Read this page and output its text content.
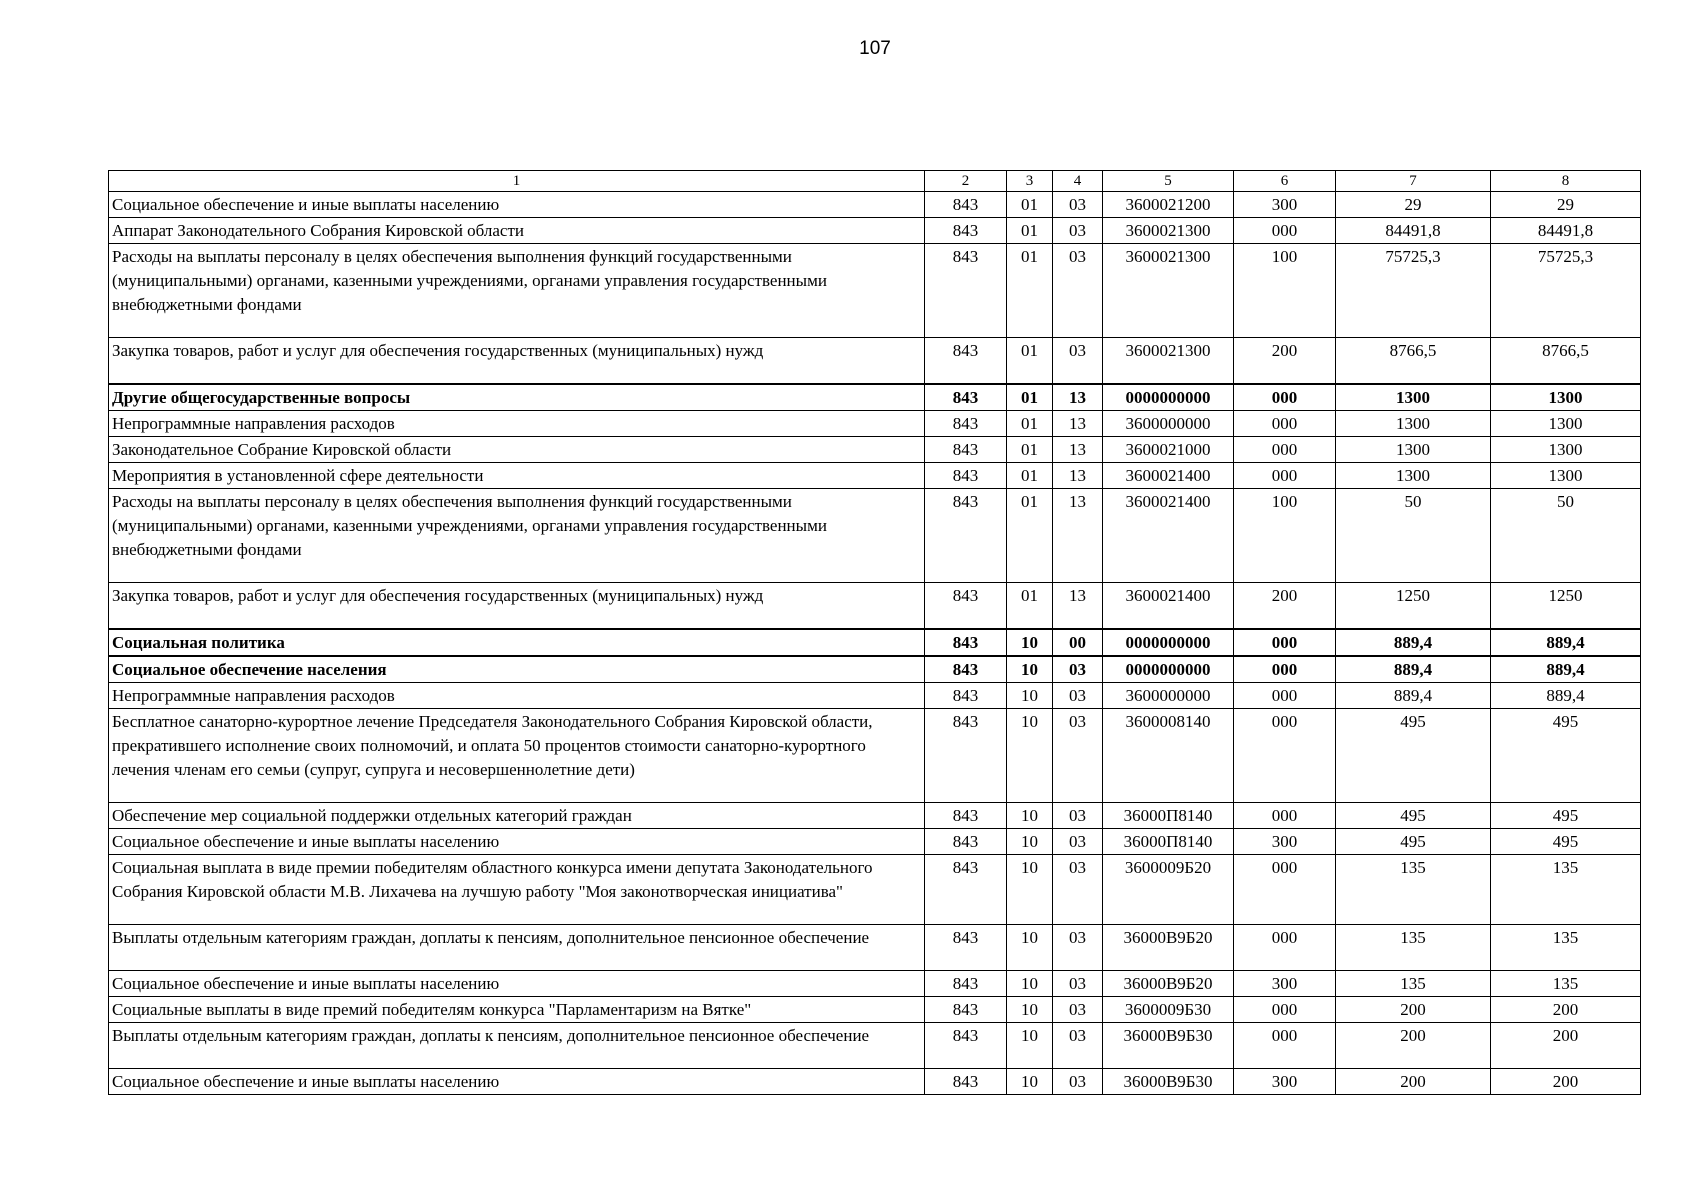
107
1	2	3	4	5	6	7	8
Социальное обеспечение и иные выплаты населению	843	01	03	3600021200	300	29	29
Аппарат Законодательного Собрания Кировской области	843	01	03	3600021300	000	84491,8	84491,8
Расходы на выплаты персоналу в целях обеспечения выполнения функций государственными (муниципальными) органами, казенными учреждениями, органами управления государственными внебюджетными фондами	843	01	03	3600021300	100	75725,3	75725,3
Закупка товаров, работ и услуг для обеспечения государственных (муниципальных) нужд	843	01	03	3600021300	200	8766,5	8766,5
Другие общегосударственные вопросы	843	01	13	0000000000	000	1300	1300
Непрограммные направления расходов	843	01	13	3600000000	000	1300	1300
Законодательное Собрание Кировской области	843	01	13	3600021000	000	1300	1300
Мероприятия в установленной сфере деятельности	843	01	13	3600021400	000	1300	1300
Расходы на выплаты персоналу в целях обеспечения выполнения функций государственными (муниципальными) органами, казенными учреждениями, органами управления государственными внебюджетными фондами	843	01	13	3600021400	100	50	50
Закупка товаров, работ и услуг для обеспечения государственных (муниципальных) нужд	843	01	13	3600021400	200	1250	1250
Социальная политика	843	10	00	0000000000	000	889,4	889,4
Социальное обеспечение населения	843	10	03	0000000000	000	889,4	889,4
Непрограммные направления расходов	843	10	03	3600000000	000	889,4	889,4
Бесплатное санаторно-курортное лечение Председателя Законодательного Собрания Кировской области, прекратившего исполнение своих полномочий, и оплата 50 процентов стоимости санаторно-курортного лечения членам его семьи (супруг, супруга и несовершеннолетние дети)	843	10	03	3600008140	000	495	495
Обеспечение мер социальной поддержки отдельных категорий граждан	843	10	03	36000П8140	000	495	495
Социальное обеспечение и иные выплаты населению	843	10	03	36000П8140	300	495	495
Социальная выплата в виде премии победителям областного конкурса имени депутата Законодательного Собрания Кировской области М.В. Лихачева на лучшую работу "Моя законотворческая инициатива"	843	10	03	3600009Б20	000	135	135
Выплаты отдельным категориям граждан, доплаты к пенсиям, дополнительное пенсионное обеспечение	843	10	03	36000В9Б20	000	135	135
Социальное обеспечение и иные выплаты населению	843	10	03	36000В9Б20	300	135	135
Социальные выплаты в виде премий победителям конкурса "Парламентаризм на Вятке"	843	10	03	3600009Б30	000	200	200
Выплаты отдельным категориям граждан, доплаты к пенсиям, дополнительное пенсионное обеспечение	843	10	03	36000В9Б30	000	200	200
Социальное обеспечение и иные выплаты населению	843	10	03	36000В9Б30	300	200	200
